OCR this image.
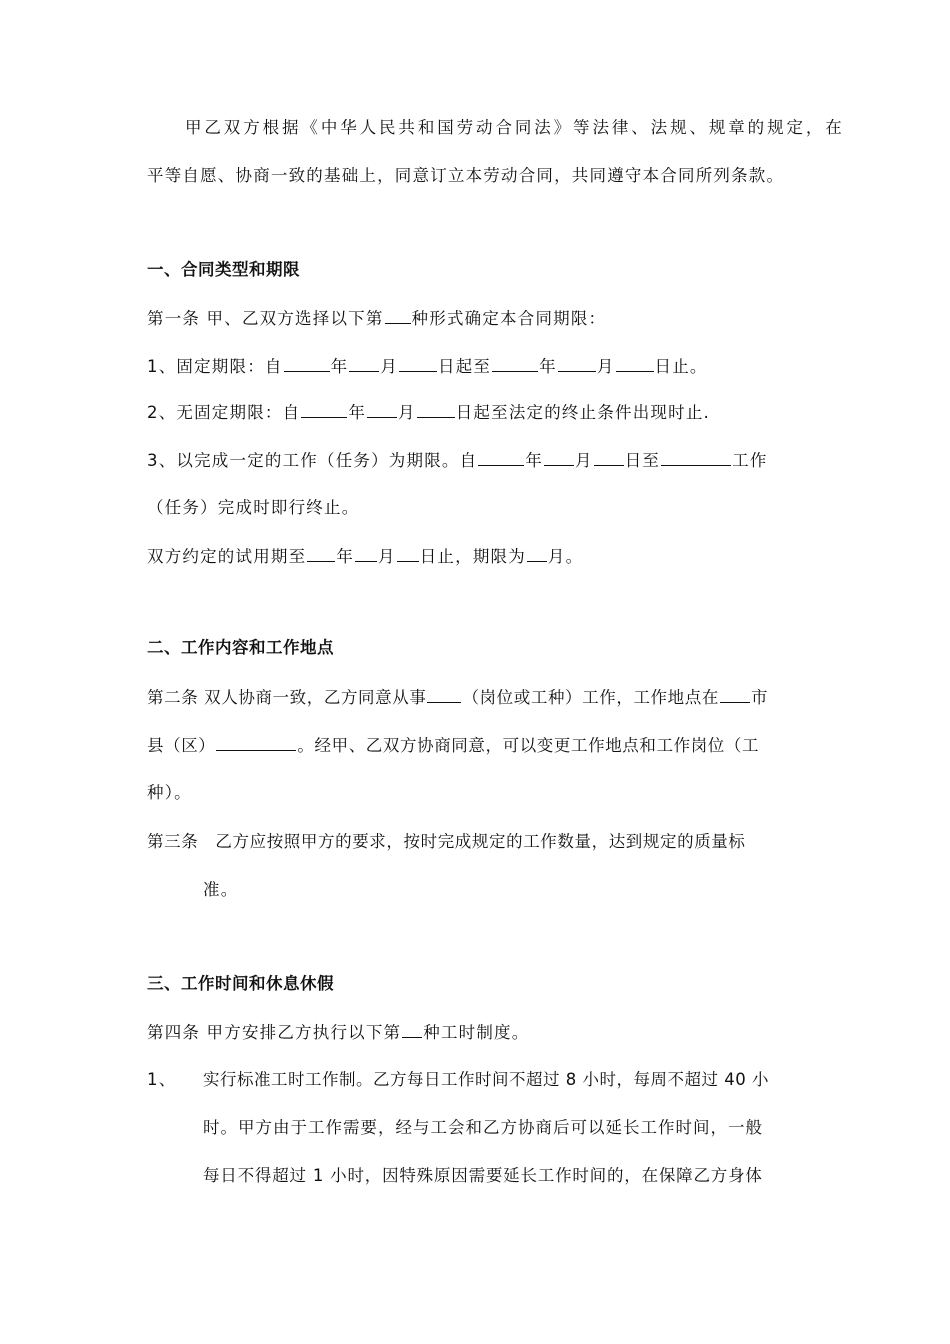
甲乙双方根据《中华人民共和国劳动合同法》等法律、法规、规章的规定，在
平等自愿、协商一致的基础上，同意订立本劳动合同，共同遵守本合同所列条款。
一、合同类型和期限
第一条 甲、乙双方选择以下第 种形式确定本合同期限：
1、固定期限：自	年 月 日起至	年 月 日止。
2、无固定期限：自	年 月 日起至法定的终止条件出现时止.
3、以完成一定的工作（任务）为期限。自	年 月 日至	工作
（任务）完成时即行终止。
双方约定的试用期至 年 月 日止，期限为 月。
二、工作内容和工作地点
第二条 双人协商一致，乙方同意从事 （岗位或工种）工作，工作地点在 市
县（区）	。经甲、乙双方协商同意，可以变更工作地点和工作岗位（工
种）。
第三条　乙方应按照甲方的要求，按时完成规定的工作数量，达到规定的质量标
准。
三、工作时间和休息休假
第四条 甲方安排乙方执行以下第 种工时制度。
1、 实行标准工时工作制。乙方每日工作时间不超过 8 小时，每周不超过 40 小
时。甲方由于工作需要，经与工会和乙方协商后可以延长工作时间，一般
每日不得超过 1 小时，因特殊原因需要延长工作时间的，在保障乙方身体
